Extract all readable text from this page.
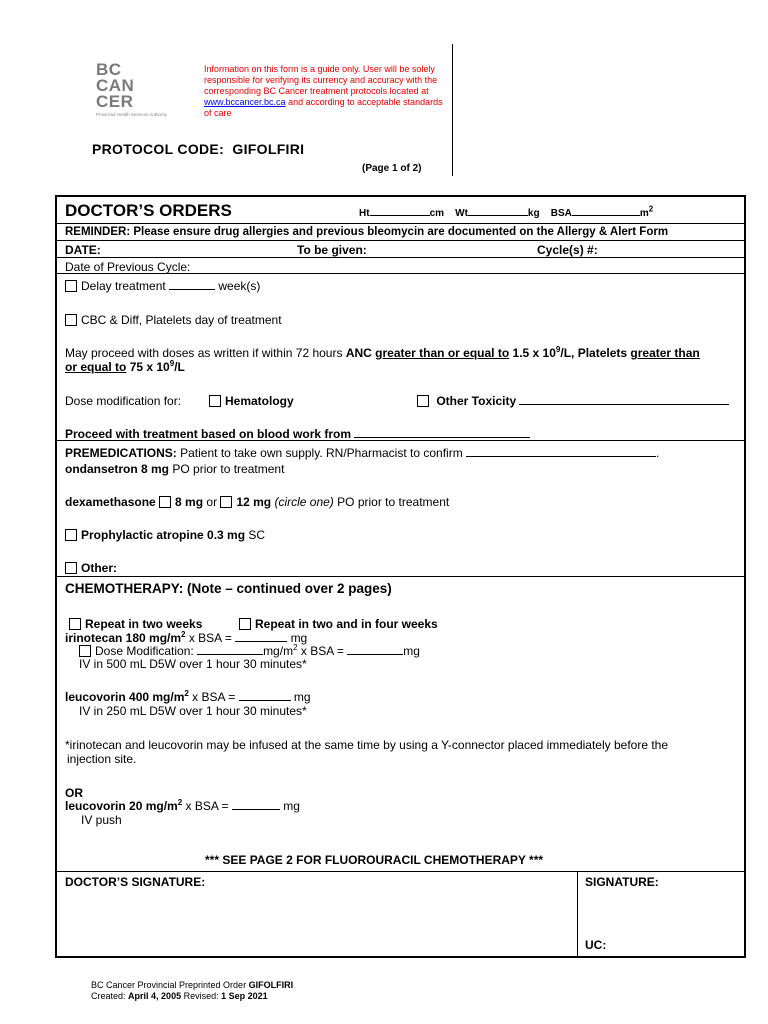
BC
CAN
CER
Provincial Health Services Authority
Information on this form is a guide only. User will be solely responsible for verifying its currency and accuracy with the corresponding BC Cancer treatment protocols located at www.bccancer.bc.ca and according to acceptable standards of care
PROTOCOL CODE: GIFOLFIRI
(Page 1 of 2)
DOCTOR’S ORDERS	Ht	cm Wt	kg BSA	$m^2$
REMINDER: Please ensure drug allergies and previous bleomycin are documented on the Allergy & Alert Form
DATE:	To be given:	Cycle(s) #:
Date of Previous Cycle:
Delay treatment	week(s)
CBC & Diff, Platelets day of treatment
May proceed with doses as written if within 72 hours ANC greater than or equal to 1.5 x $10^9/L$, Platelets greater than
or equal to 75 x $10^9/L$
Dose modification for:	Hematology	Other Toxicity
Proceed with treatment based on blood work from
PREMEDICATIONS: Patient to take own supply. RN/Pharmacist to confirm	.
ondansetron 8 mg PO prior to treatment
dexamethasone 8 mg or 12 mg (circle one) PO prior to treatment
Prophylactic atropine 0.3 mg SC
Other:
CHEMOTHERAPY: (Note – continued over 2 pages)
Repeat in two weeks	Repeat in two and in four weeks
irinotecan 180 $mg/m^2$ x BSA =	mg
Dose Modification:	$mg/m^2$ x BSA =	mg
IV in 500 mL D5W over 1 hour 30 minutes*
leucovorin 400 $mg/m^2$ x BSA =	mg
IV in 250 mL D5W over 1 hour 30 minutes*
*irinotecan and leucovorin may be infused at the same time by using a Y-connector placed immediately before the
injection site.
OR
leucovorin 20 $mg/m^2$ x BSA =	mg
IV push
*** SEE PAGE 2 FOR FLUOROURACIL CHEMOTHERAPY ***
DOCTOR’S SIGNATURE:	SIGNATURE:
UC:
BC Cancer Provincial Preprinted Order GIFOLFIRI
Created: April 4, 2005 Revised: 1 Sep 2021
